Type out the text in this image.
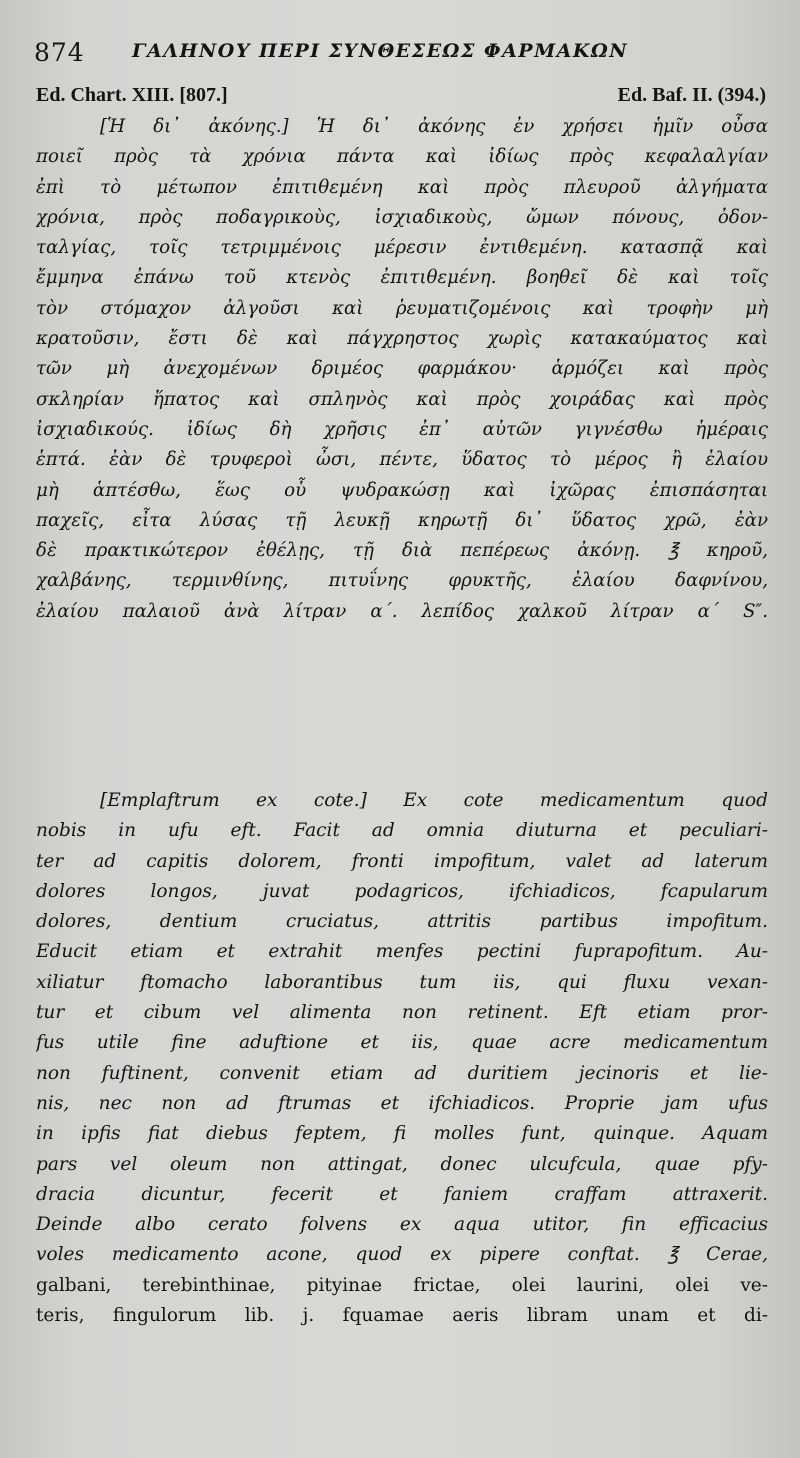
874 ΓΑΛΗΝΟΥ ΠΕΡΙ ΣΥΝΘΕΣΕΩΣ ΦΑΡΜΑΚΩΝ
Ed. Chart. XIII. [807.]	Ed. Baf. II. (394.)
[Ἡ δι᾽ ἀκόνης.] Ἡ δι᾽ ἀκόνης ἐν χρήσει ἡμῖν οὖσα
ποιεῖ πρὸς τὰ χρόνια πάντα καὶ ἰδίως πρὸς κεφαλαλγίαν
ἐπὶ τὸ μέτωπον ἐπιτιθεμένη καὶ πρὸς πλευροῦ ἀλγήματα
χρόνια, πρὸς ποδαγρικοὺς, ἰσχιαδικοὺς, ὤμων πόνους, ὀδον-
ταλγίας, τοῖς τετριμμένοις μέρεσιν ἐντιθεμένη. κατασπᾷ καὶ
ἔμμηνα ἐπάνω τοῦ κτενὸς ἐπιτιθεμένη. βοηθεῖ δὲ καὶ τοῖς
τὸν στόμαχον ἀλγοῦσι καὶ ῥευματιζομένοις καὶ τροφὴν μὴ
κρατοῦσιν, ἔστι δὲ καὶ πάγχρηστος χωρὶς κατακαύματος καὶ
τῶν μὴ ἀνεχομένων δριμέος φαρμάκου· ἁρμόζει καὶ πρὸς
σκληρίαν ἥπατος καὶ σπληνὸς καὶ πρὸς χοιράδας καὶ πρὸς
ἰσχιαδικούς. ἰδίως δὴ χρῆσις ἐπ᾽ αὐτῶν γιγνέσθω ἡμέραις
ἑπτά. ἐὰν δὲ τρυφεροὶ ὦσι, πέντε, ὕδατος τὸ μέρος ἢ ἐλαίου
μὴ ἁπτέσθω, ἕως οὗ ψυδρακώσῃ καὶ ἰχῶρας ἐπισπάσηται
παχεῖς, εἶτα λύσας τῇ λευκῇ κηρωτῇ δι᾽ ὕδατος χρῶ, ἐὰν
δὲ πρακτικώτερον ἐθέλῃς, τῇ διὰ πεπέρεως ἀκόνῃ. ℥ κηροῦ,
χαλβάνης, τερμινθίνης, πιτυΐνης φρυκτῆς, ἐλαίου δαφνίνου,
ἐλαίου παλαιοῦ ἀνὰ λίτραν α΄. λεπίδος χαλκοῦ λίτραν α΄ S″.
[Emplaftrum ex cote.] Ex cote medicamentum quod
nobis in ufu eft. Facit ad omnia diuturna et peculiari-
ter ad capitis dolorem, fronti impofitum, valet ad laterum
dolores longos, juvat podagricos, ifchiadicos, fcapularum
dolores, dentium cruciatus, attritis partibus impofitum.
Educit etiam et extrahit menfes pectini fuprapofitum. Au-
xiliatur ftomacho laborantibus tum iis, qui fluxu vexan-
tur et cibum vel alimenta non retinent. Eft etiam pror-
fus utile fine aduftione et iis, quae acre medicamentum
non fuftinent, convenit etiam ad duritiem jecinoris et lie-
nis, nec non ad ftrumas et ifchiadicos. Proprie jam ufus
in ipfis fiat diebus feptem, fi molles funt, quinque. Aquam
pars vel oleum non attingat, donec ulcufcula, quae pfy-
dracia dicuntur, fecerit et faniem craffam attraxerit.
Deinde albo cerato folvens ex aqua utitor, fin efficacius
voles medicamento acone, quod ex pipere conftat. ℥ Cerae,
galbani, terebinthinae, pityinae frictae, olei laurini, olei ve-
teris, fingulorum lib. j. fquamae aeris libram unam et di-
